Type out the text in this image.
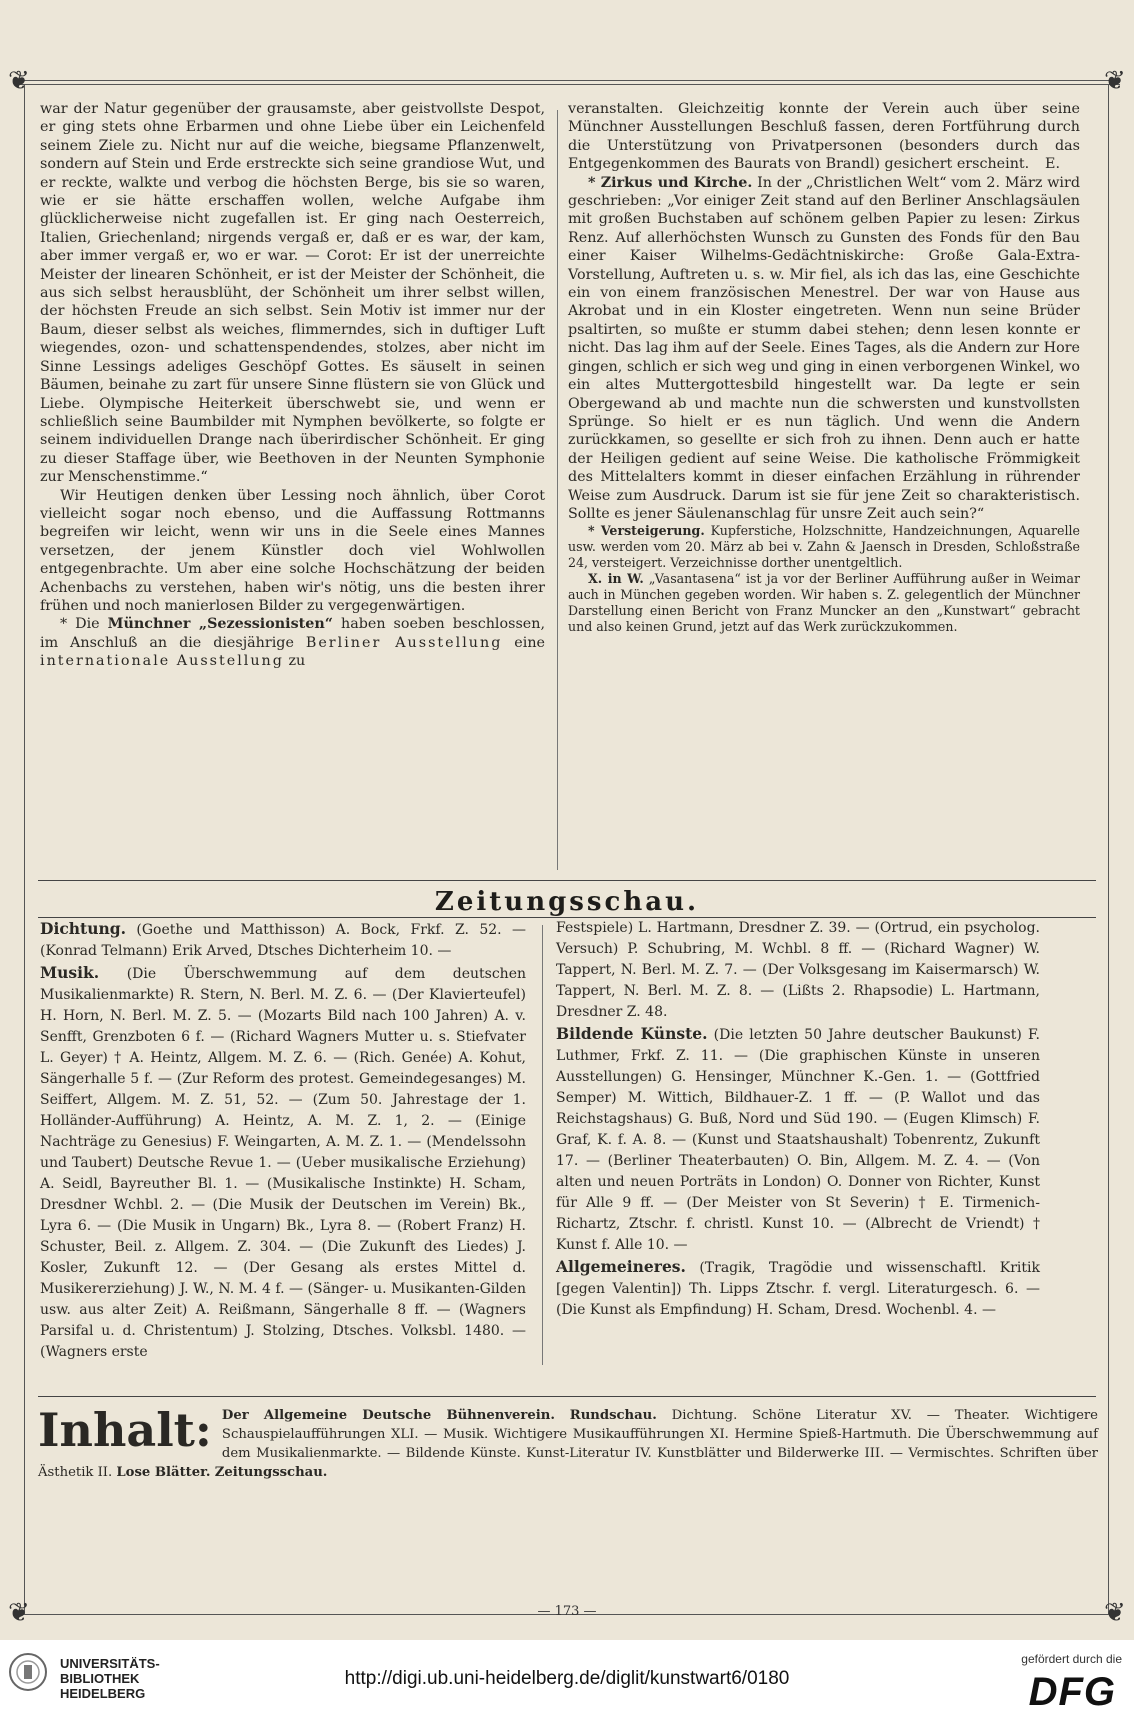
❦	❦
❦	❦

war der Natur gegenüber der grausamste, aber geistvollste Despot, er ging stets ohne Erbarmen und ohne Liebe über ein Leichenfeld seinem Ziele zu. Nicht nur auf die weiche, biegsame Pflanzenwelt, sondern auf Stein und Erde erstreckte sich seine grandiose Wut, und er reckte, walkte und verbog die höchsten Berge, bis sie so waren, wie er sie hätte erschaffen wollen, welche Aufgabe ihm glücklicherweise nicht zugefallen ist. Er ging nach Oesterreich, Italien, Griechenland; nirgends vergaß er, daß er es war, der kam, aber immer vergaß er, wo er war. — Corot: Er ist der unerreichte Meister der linearen Schönheit, er ist der Meister der Schönheit, die aus sich selbst herausblüht, der Schönheit um ihrer selbst willen, der höchsten Freude an sich selbst. Sein Motiv ist immer nur der Baum, dieser selbst als weiches, flimmerndes, sich in duftiger Luft wiegendes, ozon- und schattenspendendes, stolzes, aber nicht im Sinne Lessings adeliges Geschöpf Gottes. Es säuselt in seinen Bäumen, beinahe zu zart für unsere Sinne flüstern sie von Glück und Liebe. Olympische Heiterkeit überschwebt sie, und wenn er schließlich seine Baumbilder mit Nymphen bevölkerte, so folgte er seinem individuellen Drange nach überirdischer Schönheit. Er ging zu dieser Staffage über, wie Beethoven in der Neunten Symphonie zur Menschenstimme.“

Wir Heutigen denken über Lessing noch ähnlich, über Corot vielleicht sogar noch ebenso, und die Auffassung Rottmanns begreifen wir leicht, wenn wir uns in die Seele eines Mannes versetzen, der jenem Künstler doch viel Wohlwollen entgegenbrachte. Um aber eine solche Hochschätzung der beiden Achenbachs zu verstehen, haben wir's nötig, uns die besten ihrer frühen und noch manierlosen Bilder zu vergegenwärtigen.

* Die Münchner „Sezessionisten“ haben soeben beschlossen, im Anschluß an die diesjährige Berliner Ausstellung eine internationale Ausstellung zu

veranstalten. Gleichzeitig konnte der Verein auch über seine Münchner Ausstellungen Beschluß fassen, deren Fortführung durch die Unterstützung von Privatpersonen (besonders durch das Entgegenkommen des Baurats von Brandl) gesichert erscheint. E.

* Zirkus und Kirche. In der „Christlichen Welt“ vom 2. März wird geschrieben: „Vor einiger Zeit stand auf den Berliner Anschlagsäulen mit großen Buchstaben auf schönem gelben Papier zu lesen: Zirkus Renz. Auf allerhöchsten Wunsch zu Gunsten des Fonds für den Bau einer Kaiser Wilhelms-Gedächtniskirche: Große Gala-Extra-Vorstellung, Auftreten u. s. w. Mir fiel, als ich das las, eine Geschichte ein von einem französischen Menestrel. Der war von Hause aus Akrobat und in ein Kloster eingetreten. Wenn nun seine Brüder psaltirten, so mußte er stumm dabei stehen; denn lesen konnte er nicht. Das lag ihm auf der Seele. Eines Tages, als die Andern zur Hore gingen, schlich er sich weg und ging in einen verborgenen Winkel, wo ein altes Muttergottesbild hingestellt war. Da legte er sein Obergewand ab und machte nun die schwersten und kunstvollsten Sprünge. So hielt er es nun täglich. Und wenn die Andern zurückkamen, so gesellte er sich froh zu ihnen. Denn auch er hatte der Heiligen gedient auf seine Weise. Die katholische Frömmigkeit des Mittelalters kommt in dieser einfachen Erzählung in rührender Weise zum Ausdruck. Darum ist sie für jene Zeit so charakteristisch. Sollte es jener Säulenanschlag für unsre Zeit auch sein?“

* Versteigerung. Kupferstiche, Holzschnitte, Handzeichnungen, Aquarelle usw. werden vom 20. März ab bei v. Zahn & Jaensch in Dresden, Schloßstraße 24, versteigert. Verzeichnisse dorther unentgeltlich.

X. in W. „Vasantasena“ ist ja vor der Berliner Aufführung außer in Weimar auch in München gegeben worden. Wir haben s. Z. gelegentlich der Münchner Darstellung einen Bericht von Franz Muncker an den „Kunstwart“ gebracht und also keinen Grund, jetzt auf das Werk zurückzukommen.

Zeitungsschau.

Dichtung. (Goethe und Matthisson) A. Bock, Frkf. Z. 52. — (Konrad Telmann) Erik Arved, Dtsches Dichterheim 10. —

Musik. (Die Überschwemmung auf dem deutschen Musikalienmarkte) R. Stern, N. Berl. M. Z. 6. — (Der Klavierteufel) H. Horn, N. Berl. M. Z. 5. — (Mozarts Bild nach 100 Jahren) A. v. Senfft, Grenzboten 6 f. — (Richard Wagners Mutter u. s. Stiefvater L. Geyer) † A. Heintz, Allgem. M. Z. 6. — (Rich. Genée) A. Kohut, Sängerhalle 5 f. — (Zur Reform des protest. Gemeindegesanges) M. Seiffert, Allgem. M. Z. 51, 52. — (Zum 50. Jahrestage der 1. Holländer-Aufführung) A. Heintz, A. M. Z. 1, 2. — (Einige Nachträge zu Genesius) F. Weingarten, A. M. Z. 1. — (Mendelssohn und Taubert) Deutsche Revue 1. — (Ueber musikalische Erziehung) A. Seidl, Bayreuther Bl. 1. — (Musikalische Instinkte) H. Scham, Dresdner Wchbl. 2. — (Die Musik der Deutschen im Verein) Bk., Lyra 6. — (Die Musik in Ungarn) Bk., Lyra 8. — (Robert Franz) H. Schuster, Beil. z. Allgem. Z. 304. — (Die Zukunft des Liedes) J. Kosler, Zukunft 12. — (Der Gesang als erstes Mittel d. Musikererziehung) J. W., N. M. 4 f. — (Sänger- u. Musikanten-Gilden usw. aus alter Zeit) A. Reißmann, Sängerhalle 8 ff. — (Wagners Parsifal u. d. Christentum) J. Stolzing, Dtsches. Volksbl. 1480. — (Wagners erste

Festspiele) L. Hartmann, Dresdner Z. 39. — (Ortrud, ein psycholog. Versuch) P. Schubring, M. Wchbl. 8 ff. — (Richard Wagner) W. Tappert, N. Berl. M. Z. 7. — (Der Volksgesang im Kaisermarsch) W. Tappert, N. Berl. M. Z. 8. — (Lißts 2. Rhapsodie) L. Hartmann, Dresdner Z. 48.

Bildende Künste. (Die letzten 50 Jahre deutscher Baukunst) F. Luthmer, Frkf. Z. 11. — (Die graphischen Künste in unseren Ausstellungen) G. Hensinger, Münchner K.-Gen. 1. — (Gottfried Semper) M. Wittich, Bildhauer-Z. 1 ff. — (P. Wallot und das Reichstagshaus) G. Buß, Nord und Süd 190. — (Eugen Klimsch) F. Graf, K. f. A. 8. — (Kunst und Staatshaushalt) Tobenrentz, Zukunft 17. — (Berliner Theaterbauten) O. Bin, Allgem. M. Z. 4. — (Von alten und neuen Porträts in London) O. Donner von Richter, Kunst für Alle 9 ff. — (Der Meister von St Severin) † E. Tirmenich-Richartz, Ztschr. f. christl. Kunst 10. — (Albrecht de Vriendt) † Kunst f. Alle 10. —

Allgemeineres. (Tragik, Tragödie und wissenschaftl. Kritik [gegen Valentin]) Th. Lipps Ztschr. f. vergl. Literaturgesch. 6. — (Die Kunst als Empfindung) H. Scham, Dresd. Wochenbl. 4. —

Inhalt: Der Allgemeine Deutsche Bühnenverein. Rundschau. Dichtung. Schöne Literatur XV. — Theater. Wichtigere Schauspielaufführungen XLI. — Musik. Wichtigere Musikaufführungen XI. Hermine Spieß-Hartmuth. Die Überschwemmung auf dem Musikalienmarkte. — Bildende Künste. Kunst-Literatur IV. Kunstblätter und Bilderwerke III. — Vermischtes. Schriften über Ästhetik II. Lose Blätter. Zeitungsschau.
— 173 —
UNIVERSITÄTS-
BIBLIOTHEK
HEIDELBERG
http://digi.ub.uni-heidelberg.de/diglit/kunstwart6/0180
gefördert durch die
DFG
